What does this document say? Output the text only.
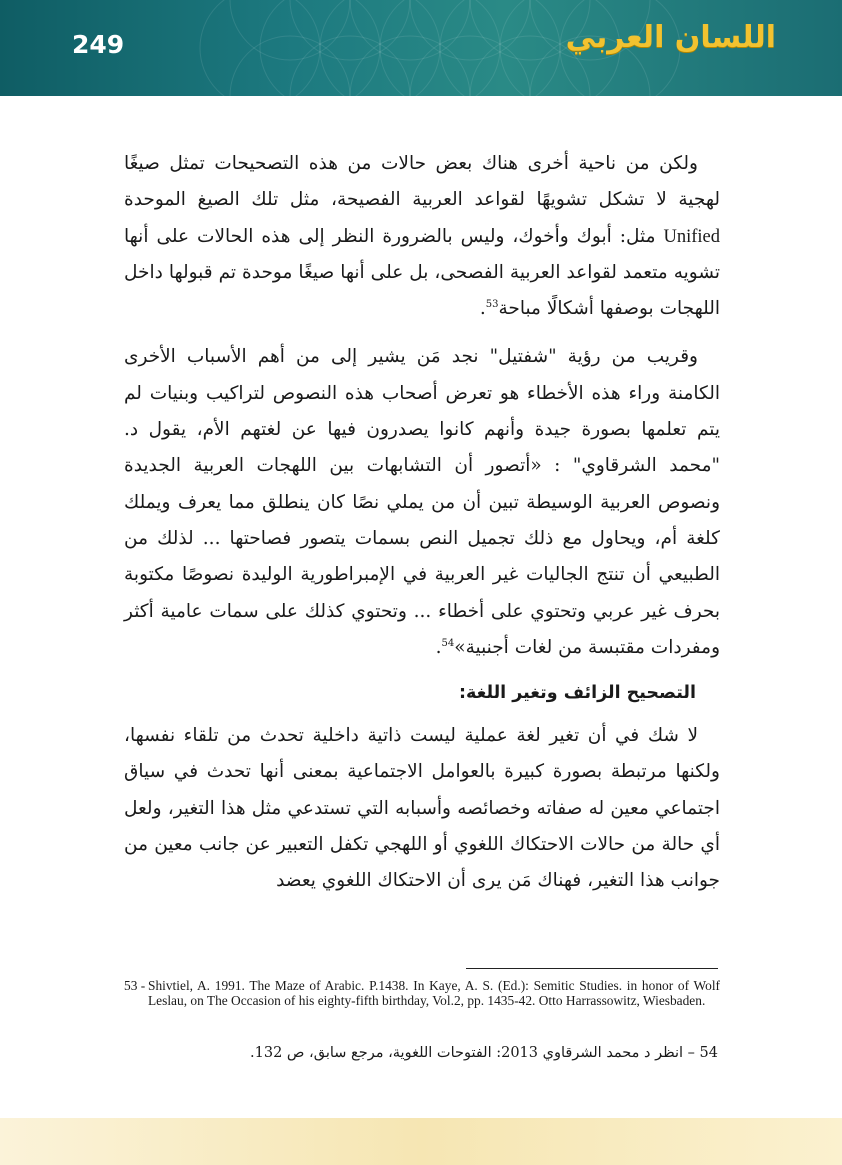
249	اللسان العربي

ولكن من ناحية أخرى هناك بعض حالات من هذه التصحيحات تمثل صيغًا لهجية لا تشكل تشويهًا لقواعد العربية الفصيحة، مثل تلك الصيغ الموحدة Unified مثل: أبوك وأخوك، وليس بالضرورة النظر إلى هذه الحالات على أنها تشويه متعمد لقواعد العربية الفصحى، بل على أنها صيغًا موحدة تم قبولها داخل اللهجات بوصفها أشكالًا مباحة$^{53}$.

وقريب من رؤية "شفتيل" نجد مَن يشير إلى من أهم الأسباب الأخرى الكامنة وراء هذه الأخطاء هو تعرض أصحاب هذه النصوص لتراكيب وبنيات لم يتم تعلمها بصورة جيدة وأنهم كانوا يصدرون فيها عن لغتهم الأم، يقول د. "محمد الشرقاوي" : «أتصور أن التشابهات بين اللهجات العربية الجديدة ونصوص العربية الوسيطة تبين أن من يملي نصًا كان ينطلق مما يعرف ويملك كلغة أم، ويحاول مع ذلك تجميل النص بسمات يتصور فصاحتها ... لذلك من الطبيعي أن تنتج الجاليات غير العربية في الإمبراطورية الوليدة نصوصًا مكتوبة بحرف غير عربي وتحتوي على أخطاء ... وتحتوي كذلك على سمات عامية أكثر ومفردات مقتبسة من لغات أجنبية»$^{54}$.

التصحيح الزائف وتغير اللغة:

لا شك في أن تغير لغة عملية ليست ذاتية داخلية تحدث من تلقاء نفسها، ولكنها مرتبطة بصورة كبيرة بالعوامل الاجتماعية بمعنى أنها تحدث في سياق اجتماعي معين له صفاته وخصائصه وأسبابه التي تستدعي مثل هذا التغير، ولعل أي حالة من حالات الاحتكاك اللغوي أو اللهجي تكفل التعبير عن جانب معين من جوانب هذا التغير، فهناك مَن يرى أن الاحتكاك اللغوي يعضد

53 - Shivtiel, A. 1991. The Maze of Arabic. P.1438. In Kaye, A. S. (Ed.): Semitic Studies. in honor of Wolf Leslau, on The Occasion of his eighty-fifth birthday, Vol.2, pp. 1435-42. Otto Harrassowitz, Wiesbaden.
54 – انظر د محمد الشرقاوي 2013: الفتوحات اللغوية، مرجع سابق، ص 132.
